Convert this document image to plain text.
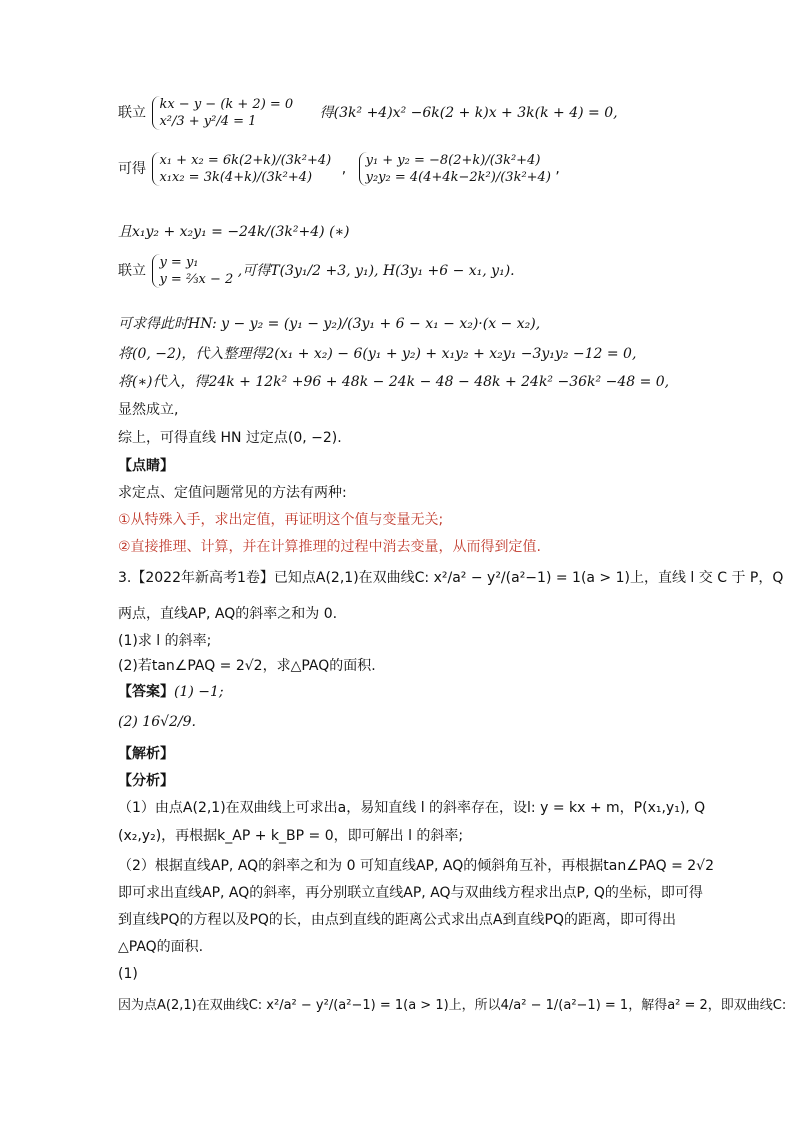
联立
kx − y − (k + 2) = 0
x²/3 + y²/4 = 1
得(3k² +4)x² −6k(2 + k)x + 3k(k + 4) = 0,
可得
x₁ + x₂ = 6k(2+k)/(3k²+4)
x₁x₂ = 3k(4+k)/(3k²+4)
,
y₁ + y₂ = −8(2+k)/(3k²+4)
y₂y₂ = 4(4+4k−2k²)/(3k²+4)
,
且x₁y₂ + x₂y₁ = −24k/(3k²+4) (∗)
联立
y = y₁
y = ⅔x − 2
,可得T(3y₁/2 +3, y₁), H(3y₁ +6 − x₁, y₁).
可求得此时HN: y − y₂ = (y₁ − y₂)/(3y₁ + 6 − x₁ − x₂)·(x − x₂),
将(0, −2)，代入整理得2(x₁ + x₂) − 6(y₁ + y₂) + x₁y₂ + x₂y₁ −3y₁y₂ −12 = 0,
将(∗)代入，得24k + 12k² +96 + 48k − 24k − 48 − 48k + 24k² −36k² −48 = 0,
显然成立,
综上，可得直线 HN 过定点(0, −2).
【点睛】
求定点、定值问题常见的方法有两种:
①从特殊入手，求出定值，再证明这个值与变量无关;
②直接推理、计算，并在计算推理的过程中消去变量，从而得到定值.
3.【2022年新高考1卷】已知点A(2,1)在双曲线C: x²/a² − y²/(a²−1) = 1(a > 1)上，直线 l 交 C 于 P，Q
两点，直线AP, AQ的斜率之和为 0.
(1)求 l 的斜率;
(2)若tan∠PAQ = 2√2，求△PAQ的面积.
【答案】(1) −1;
(2) 16√2/9.
【解析】
【分析】
（1）由点A(2,1)在双曲线上可求出a，易知直线 l 的斜率存在，设l: y = kx + m，P(x₁,y₁), Q
(x₂,y₂)，再根据k_AP + k_BP = 0，即可解出 l 的斜率;
（2）根据直线AP, AQ的斜率之和为 0 可知直线AP, AQ的倾斜角互补，再根据tan∠PAQ = 2√2
即可求出直线AP, AQ的斜率，再分别联立直线AP, AQ与双曲线方程求出点P, Q的坐标，即可得
到直线PQ的方程以及PQ的长，由点到直线的距离公式求出点A到直线PQ的距离，即可得出
△PAQ的面积.
(1)
因为点A(2,1)在双曲线C: x²/a² − y²/(a²−1) = 1(a > 1)上，所以4/a² − 1/(a²−1) = 1，解得a² = 2，即双曲线C:
